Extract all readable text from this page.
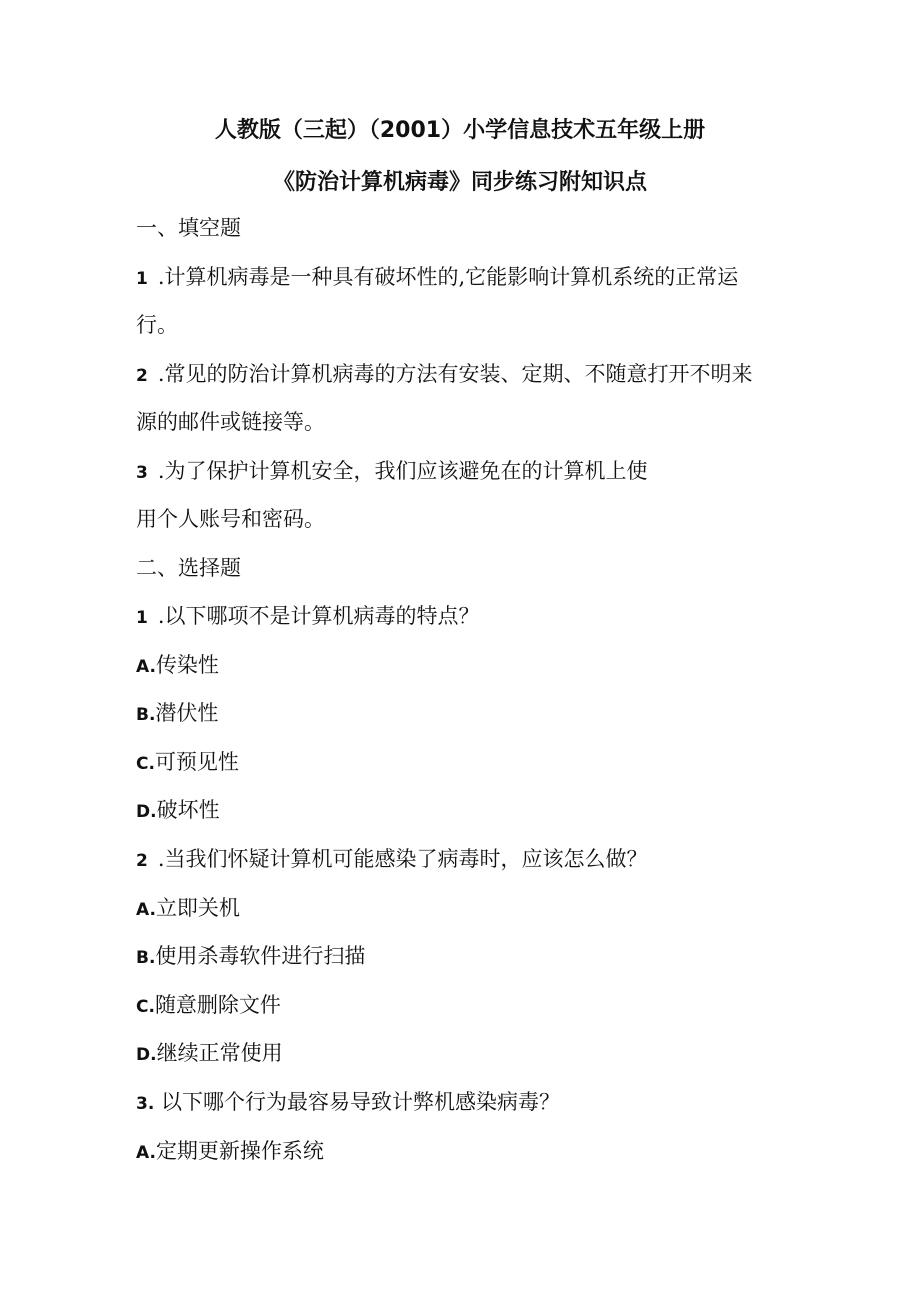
人教版（三起）（2001）小学信息技术五年级上册
《防治计算机病毒》同步练习附知识点
一、填空题
1 .计算机病毒是一种具有破坏性的,它能影响计算机系统的正常运
行。
2 .常见的防治计算机病毒的方法有安装、定期、不随意打开不明来
源的邮件或链接等。
3 .为了保护计算机安全，我们应该避免在的计算机上使
用个人账号和密码。
二、选择题
1 .以下哪项不是计算机病毒的特点？
A.传染性
B.潜伏性
C.可预见性
D.破坏性
2 .当我们怀疑计算机可能感染了病毒时，应该怎么做？
A.立即关机
B.使用杀毒软件进行扫描
C.随意删除文件
D.继续正常使用
3. 以下哪个行为最容易导致计弊机感染病毒？
A.定期更新操作系统
